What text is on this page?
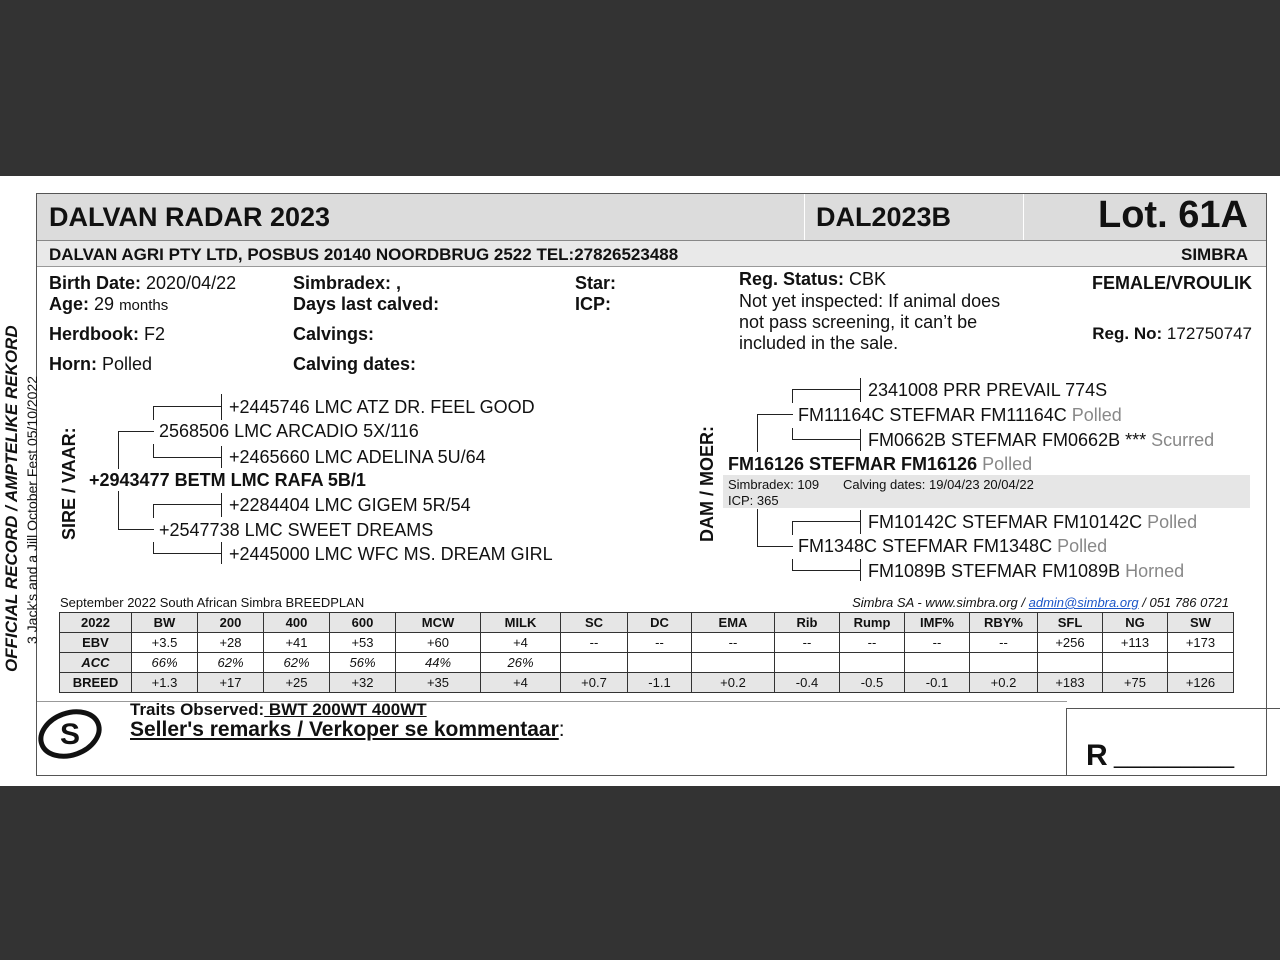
DALVAN RADAR 2023	DAL2023B	Lot. 61A
DALVAN AGRI PTY LTD, POSBUS 20140 NOORDBRUG 2522 TEL:27826523488	SIMBRA
Birth Date: 2020/04/22
Age: 29 months
Herdbook: F2
Horn: Polled
Simbradex: ,
Days last calved:
Calvings:
Calving dates:
Star:
ICP:
Reg. Status: CBK
Not yet inspected: If animal does
not pass screening, it can’t be
included in the sale.
FEMALE/VROULIK
Reg. No: 172750747
OFFICIAL RECORD / AMPTELIKE REKORD 3 Jack's and a Jill October Fest 05/10/2022 SIRE / VAAR: +2943477 BETM LMC RAFA 5B/1
2568506 LMC ARCADIO 5X/116
+2445746 LMC ATZ DR. FEEL GOOD
+2465660 LMC ADELINA 5U/64
+2547738 LMC SWEET DREAMS
+2284404 LMC GIGEM 5R/54
+2445000 LMC WFC MS. DREAM GIRL
DAM / MOER:
2341008 PRR PREVAIL 774S
FM11164C STEFMAR FM11164C Polled
FM0662B STEFMAR FM0662B *** Scurred
FM16126 STEFMAR FM16126 Polled
Simbradex: 109 Calving dates: 19/04/23 20/04/22
ICP: 365
FM10142C STEFMAR FM10142C Polled
FM1348C STEFMAR FM1348C Polled
FM1089B STEFMAR FM1089B Horned
September 2022 South African Simbra BREEDPLAN	Simbra SA - www.simbra.org / admin@simbra.org / 051 786 0721
2022	BW	200	400	600	MCW	MILK	SC	DC	EMA	Rib	Rump	IMF%	RBY%	SFL	NG	SW
EBV	+3.5	+28	+41	+53	+60	+4	--	--	--	--	--	--	--	+256	+113	+173
ACC	66%	62%	62%	56%	44%	26%										
BREED	+1.3	+17	+25	+32	+35	+4	+0.7	-1.1	+0.2	-0.4	-0.5	-0.1	+0.2	+183	+75	+126
S
Traits Observed: BWT 200WT 400WT
Seller's remarks / Verkoper se kommentaar:
R _________
